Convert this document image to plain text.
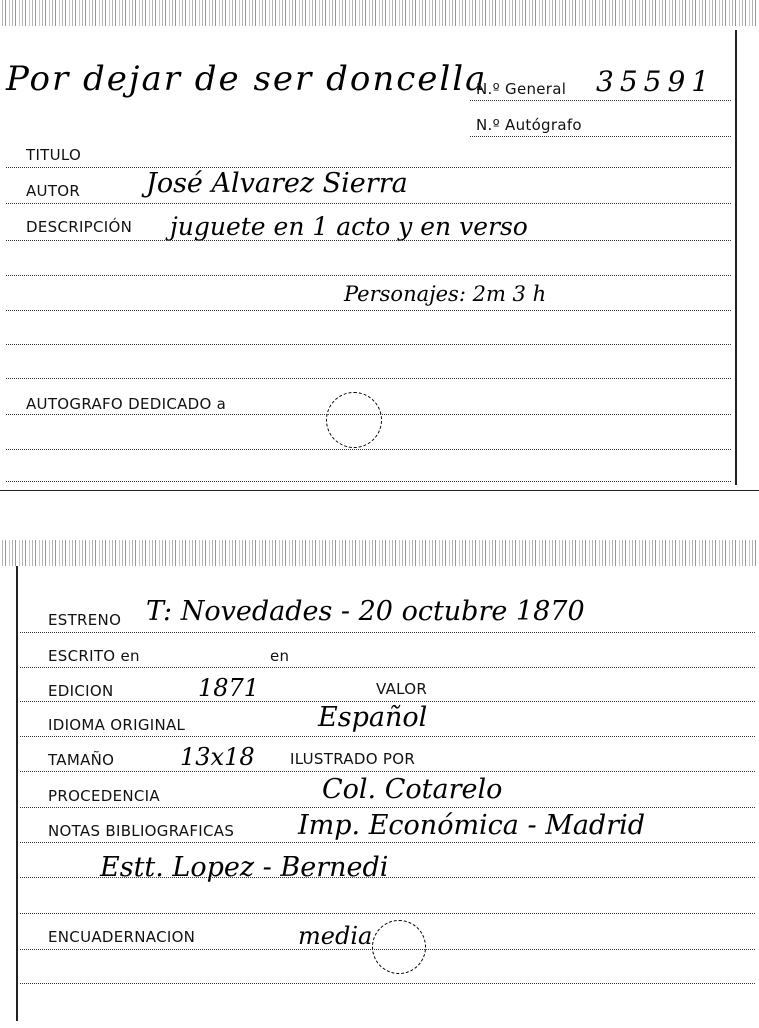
Por dejar de ser doncella
N.º General 35591
N.º Autógrafo
TITULO
AUTOR José Alvarez Sierra
DESCRIPCIÓN juguete en 1 acto y en verso
Personajes: 2m 3 h
AUTOGRAFO DEDICADO a
ESTRENO T: Novedades - 20 octubre 1870
ESCRITO en	en
EDICION	1871	VALOR
IDIOMA ORIGINAL	Español
TAMAÑO	13x18 ILUSTRADO POR
PROCEDENCIA	Col. Cotarelo
NOTAS BIBLIOGRAFICAS Imp. Económica - Madrid
Estt. Lopez - Bernedi
ENCUADERNACION	media
